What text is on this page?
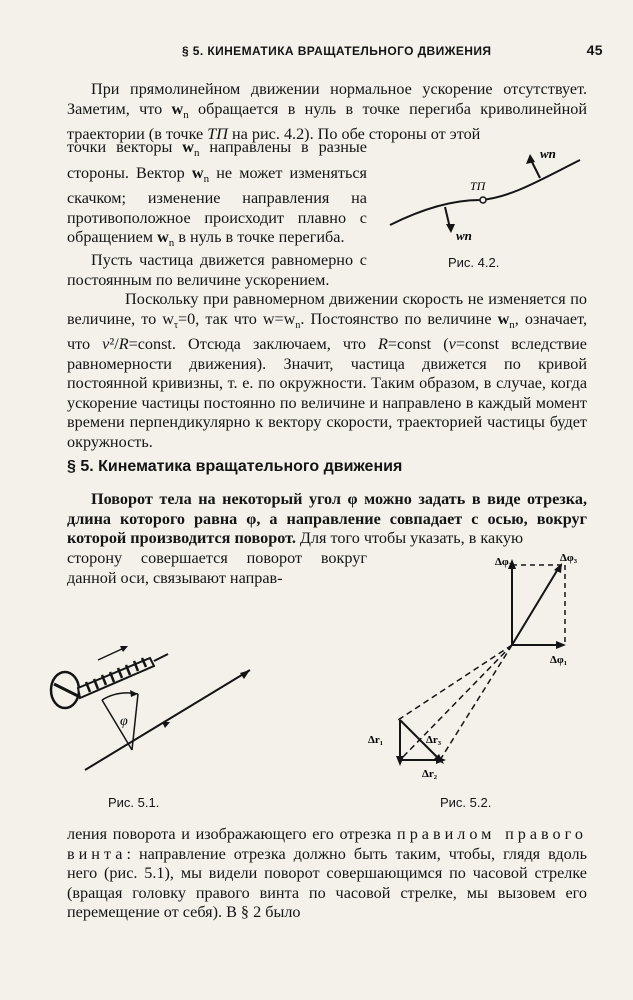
§ 5. КИНЕМАТИКА ВРАЩАТЕЛЬНОГО ДВИЖЕНИЯ	45
При прямолинейном движении нормальное ускорение отсутствует. Заметим, что $w_n$ обращается в нуль в точке перегиба криволинейной траектории (в точке ТП на рис. 4.2). По обе стороны от этой
точки векторы $w_n$ направлены в разные стороны. Вектор $w_n$ не может изменяться скачком; изменение направления на противоположное происходит плавно с обращением $w_n$ в нуль в точке перегиба.
Пусть частица движется равномерно с постоянным по величине ускорением.
Поскольку при равномерном движении скорость не изменяется по величине, то $w_\tau=0$, так что $w=w_n$. Постоянство по величине $w_n$, означает, что v²/R=const. Отсюда заключаем, что R=const (v=const вследствие равномерности движения). Значит, частица движется по кривой постоянной кривизны, т. е. по окружности. Таким образом, в случае, когда ускорение частицы постоянно по величине и направлено в каждый момент времени перпендикулярно к вектору скорости, траекторией частицы будет окружность.
§ 5. Кинематика вращательного движения
Поворот тела на некоторый угол φ можно задать в виде отрезка, длина которого равна φ, а направление совпадает с осью, вокруг которой производится поворот. Для того чтобы указать, в какую
сторону совершается поворот вокруг данной оси, связывают направ-
ления поворота и изображающего его отрезка правилом правого винта: направление отрезка должно быть таким, чтобы, глядя вдоль него (рис. 5.1), мы видели поворот совершающимся по часовой стрелке (вращая головку правого винта по часовой стрелке, мы вызовем его перемещение от себя). В § 2 было
ТП
wп
wп
Рис. 4.2.
φ
Рис. 5.1.
Δφ₂	Δφ₃
Δφ₁
Δr₁	Δr₃
Δr₂
Рис. 5.2.
